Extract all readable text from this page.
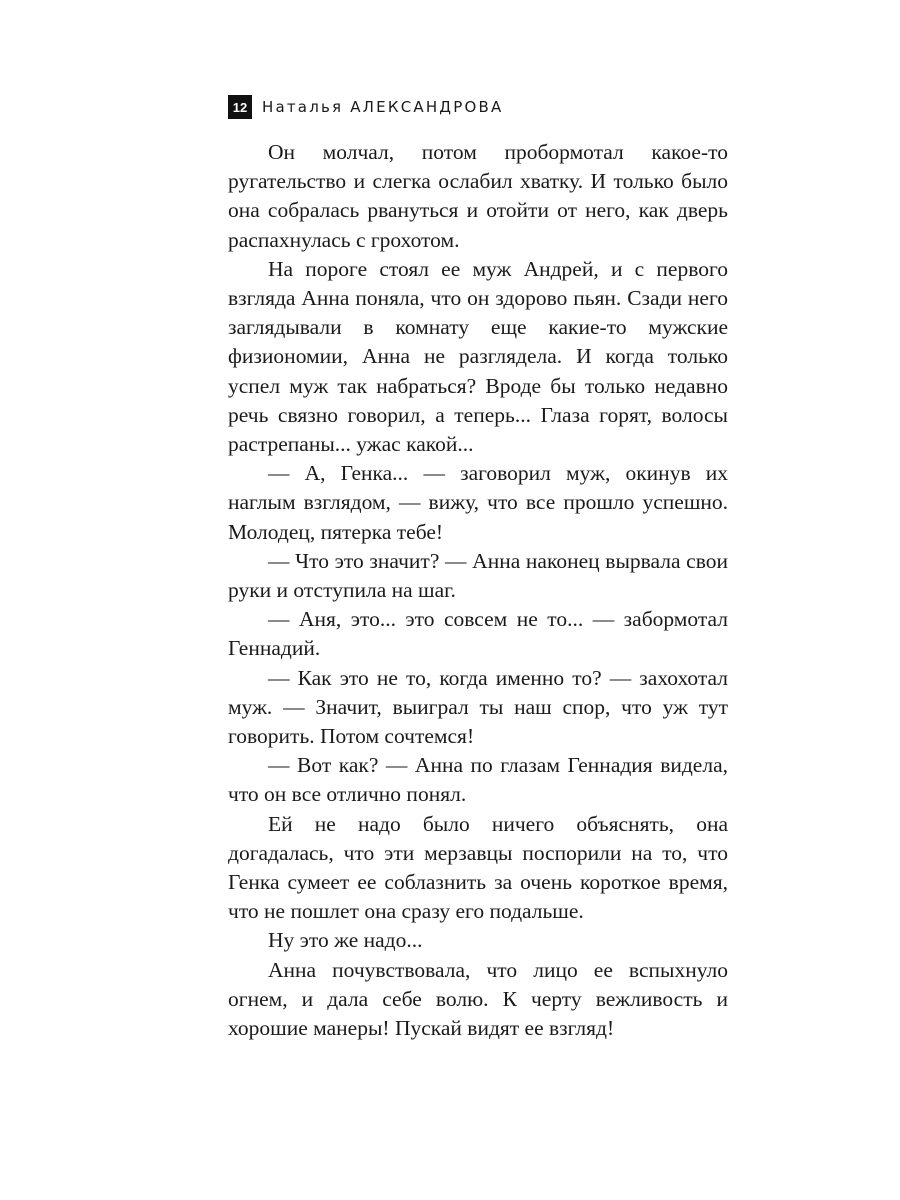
12 Наталья АЛЕКСАНДРОВА

Он молчал, потом пробормотал какое-то ругательство и слегка ослабил хватку. И только было она собралась рвануться и отойти от него, как дверь распахнулась с грохотом.

На пороге стоял ее муж Андрей, и с первого взгляда Анна поняла, что он здорово пьян. Сзади него заглядывали в комнату еще какие-то мужские физиономии, Анна не разглядела. И когда только успел муж так набраться? Вроде бы только недавно речь связно говорил, а теперь... Глаза горят, волосы растрепаны... ужас какой...

— А, Генка... — заговорил муж, окинув их наглым взглядом, — вижу, что все прошло успешно. Молодец, пятерка тебе!

— Что это значит? — Анна наконец вырвала свои руки и отступила на шаг.

— Аня, это... это совсем не то... — забормотал Геннадий.

— Как это не то, когда именно то? — захохотал муж. — Значит, выиграл ты наш спор, что уж тут говорить. Потом сочтемся!

— Вот как? — Анна по глазам Геннадия видела, что он все отлично понял.

Ей не надо было ничего объяснять, она догадалась, что эти мерзавцы поспорили на то, что Генка сумеет ее соблазнить за очень короткое время, что не пошлет она сразу его подальше.

Ну это же надо...

Анна почувствовала, что лицо ее вспыхнуло огнем, и дала себе волю. К черту вежливость и хорошие манеры! Пускай видят ее взгляд!
